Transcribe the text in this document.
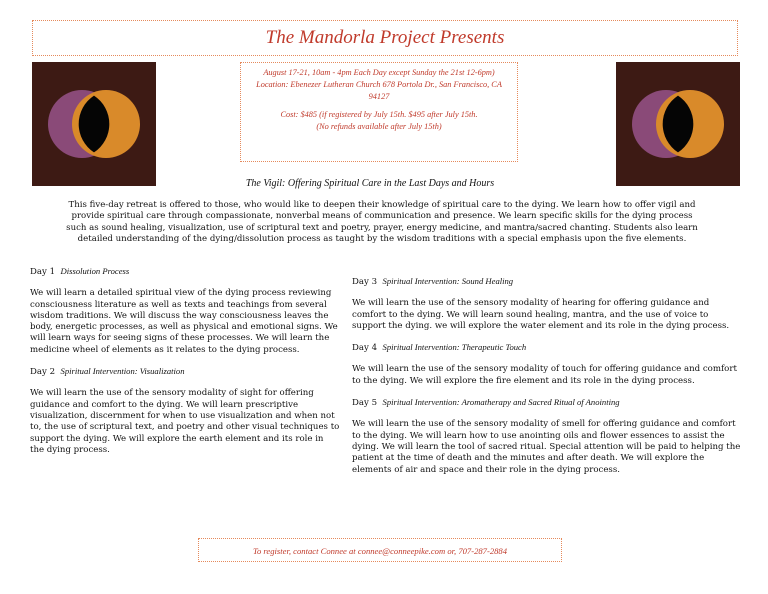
The Mandorla Project Presents
August 17-21, 10am - 4pm Each Day except Sunday the 21st 12-6pm)
Location: Ebenezer Lutheran Church 678 Portola Dr., San Francisco, CA 94127
Cost: $485 (if registered by July 15th. $495 after July 15th.
(No refunds available after July 15th)
The Vigil: Offering Spiritual Care in the Last Days and Hours
This five-day retreat is offered to those, who would like to deepen their knowledge of spiritual care to the dying. We learn how to offer vigil and provide spiritual care through compassionate, nonverbal means of communication and presence. We learn specific skills for the dying process such as sound healing, visualization, use of scriptural text and poetry, prayer, energy medicine, and mantra/sacred chanting. Students also learn detailed understanding of the dying/dissolution process as taught by the wisdom traditions with a special emphasis upon the five elements.
Day 1 Dissolution Process

We will learn a detailed spiritual view of the dying process reviewing consciousness literature as well as texts and teachings from several wisdom traditions. We will discuss the way consciousness leaves the body, energetic processes, as well as physical and emotional signs. We will learn ways for seeing signs of these processes. We will learn the medicine wheel of elements as it relates to the dying process.

Day 2 Spiritual Intervention: Visualization

We will learn the use of the sensory modality of sight for offering guidance and comfort to the dying. We will learn prescriptive visualization, discernment for when to use visualization and when not to, the use of scriptural text, and poetry and other visual techniques to support the dying. We will explore the earth element and its role in the dying process.

Day 3 Spiritual Intervention: Sound Healing

We will learn the use of the sensory modality of hearing for offering guidance and comfort to the dying. We will learn sound healing, mantra, and the use of voice to support the dying. we will explore the water element and its role in the dying process.

Day 4 Spiritual Intervention: Therapeutic Touch

We will learn the use of the sensory modality of touch for offering guidance and comfort to the dying. We will explore the fire element and its role in the dying process.

Day 5 Spiritual Intervention: Aromatherapy and Sacred Ritual of Anointing

We will learn the use of the sensory modality of smell for offering guidance and comfort to the dying. We will learn how to use anointing oils and flower essences to assist the dying. We will learn the tool of sacred ritual. Special attention will be paid to helping the patient at the time of death and the minutes and after death. We will explore the elements of air and space and their role in the dying process.

To register, contact Connee at connee@conneepike.com or, 707-287-2884
